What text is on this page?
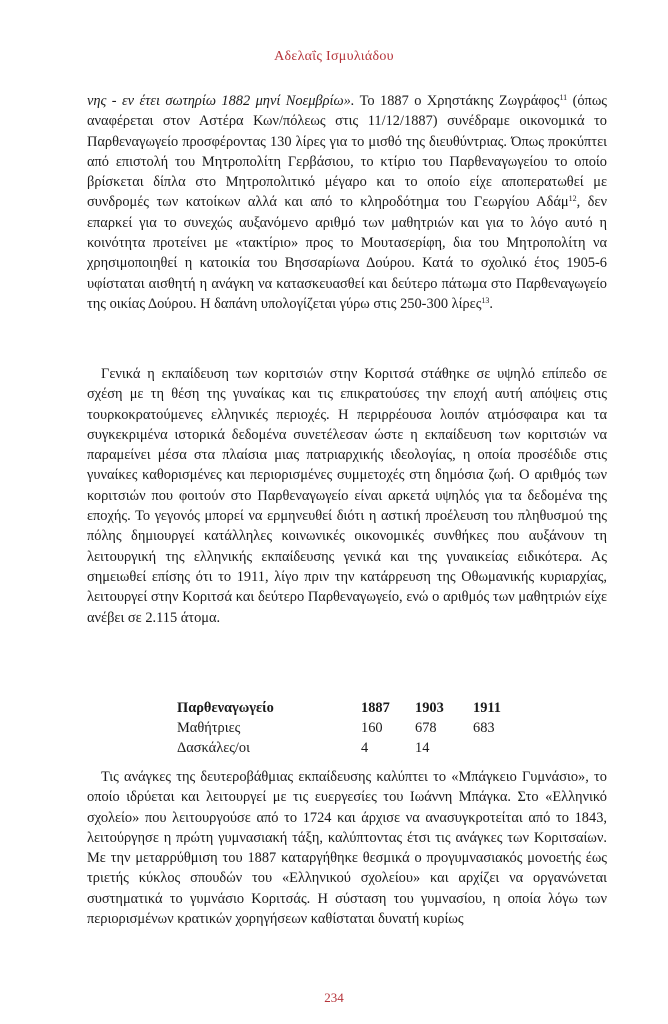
Αδελαΐς Ισμυλιάδου

νης - εν έτει σωτηρίω 1882 μηνί Νοεμβρίω». Το 1887 ο Χρηστάκης Ζωγράφος$^{11}$ (όπως αναφέρεται στον Αστέρα Κων/πόλεως στις 11/12/1887) συνέδραμε οικονομικά το Παρθεναγωγείο προσφέροντας 130 λίρες για το μισθό της διευθύντριας. Όπως προκύπτει από επιστολή του Μητροπολίτη Γερβάσιου, το κτίριο του Παρθεναγωγείου το οποίο βρίσκεται δίπλα στο Μητροπολιτικό μέγαρο και το οποίο είχε αποπερατωθεί με συνδρομές των κατοίκων αλλά και από το κληροδότημα του Γεωργίου Αδάμ$^{12}$, δεν επαρκεί για το συνεχώς αυξανόμενο αριθμό των μαθητριών και για το λόγο αυτό η κοινότητα προτείνει με «τακτίριο» προς το Μουτασερίφη, δια του Μητροπολίτη να χρησιμοποιηθεί η κατοικία του Βησσαρίωνα Δούρου. Κατά το σχολικό έτος 1905-6 υφίσταται αισθητή η ανάγκη να κατασκευασθεί και δεύτερο πάτωμα στο Παρθεναγωγείο της οικίας Δούρου. Η δαπάνη υπολογίζεται γύρω στις 250-300 λίρες$^{13}$.

Γενικά η εκπαίδευση των κοριτσιών στην Κοριτσά στάθηκε σε υψηλό επίπεδο σε σχέση με τη θέση της γυναίκας και τις επικρατούσες την εποχή αυτή απόψεις στις τουρκοκρατούμενες ελληνικές περιοχές. Η περιρρέουσα λοιπόν ατμόσφαιρα και τα συγκεκριμένα ιστορικά δεδομένα συνετέλεσαν ώστε η εκπαίδευση των κοριτσιών να παραμείνει μέσα στα πλαίσια μιας πατριαρχικής ιδεολογίας, η οποία προσέδιδε στις γυναίκες καθορισμένες και περιορισμένες συμμετοχές στη δημόσια ζωή. Ο αριθμός των κοριτσιών που φοιτούν στο Παρθεναγωγείο είναι αρκετά υψηλός για τα δεδομένα της εποχής. Το γεγονός μπορεί να ερμηνευθεί διότι η αστική προέλευση του πληθυσμού της πόλης δημιουργεί κατάλληλες κοινωνικές οικονομικές συνθήκες που αυξάνουν τη λειτουργική της ελληνικής εκπαίδευσης γενικά και της γυναικείας ειδικότερα. Ας σημειωθεί επίσης ότι το 1911, λίγο πριν την κατάρρευση της Οθωμανικής κυριαρχίας, λειτουργεί στην Κοριτσά και δεύτερο Παρθεναγωγείο, ενώ ο αριθμός των μαθητριών είχε ανέβει σε 2.115 άτομα.

Παρθεναγωγείο	1887	1903	1911
Μαθήτριες	160	678	683
Δασκάλες/οι	4	14	

Τις ανάγκες της δευτεροβάθμιας εκπαίδευσης καλύπτει το «Μπάγκειο Γυμνάσιο», το οποίο ιδρύεται και λειτουργεί με τις ευεργεσίες του Ιωάννη Μπάγκα. Στο «Ελληνικό σχολείο» που λειτουργούσε από το 1724 και άρχισε να ανασυγκροτείται από το 1843, λειτούργησε η πρώτη γυμνασιακή τάξη, καλύπτοντας έτσι τις ανάγκες των Κοριτσαίων. Με την μεταρρύθμιση του 1887 καταργήθηκε θεσμικά ο προγυμνασιακός μονοετής έως τριετής κύκλος σπουδών του «Ελληνικού σχολείου» και αρχίζει να οργανώνεται συστηματικά το γυμνάσιο Κοριτσάς. Η σύσταση του γυμνασίου, η οποία λόγω των περιορισμένων κρατικών χορηγήσεων καθίσταται δυνατή κυρίως

234
